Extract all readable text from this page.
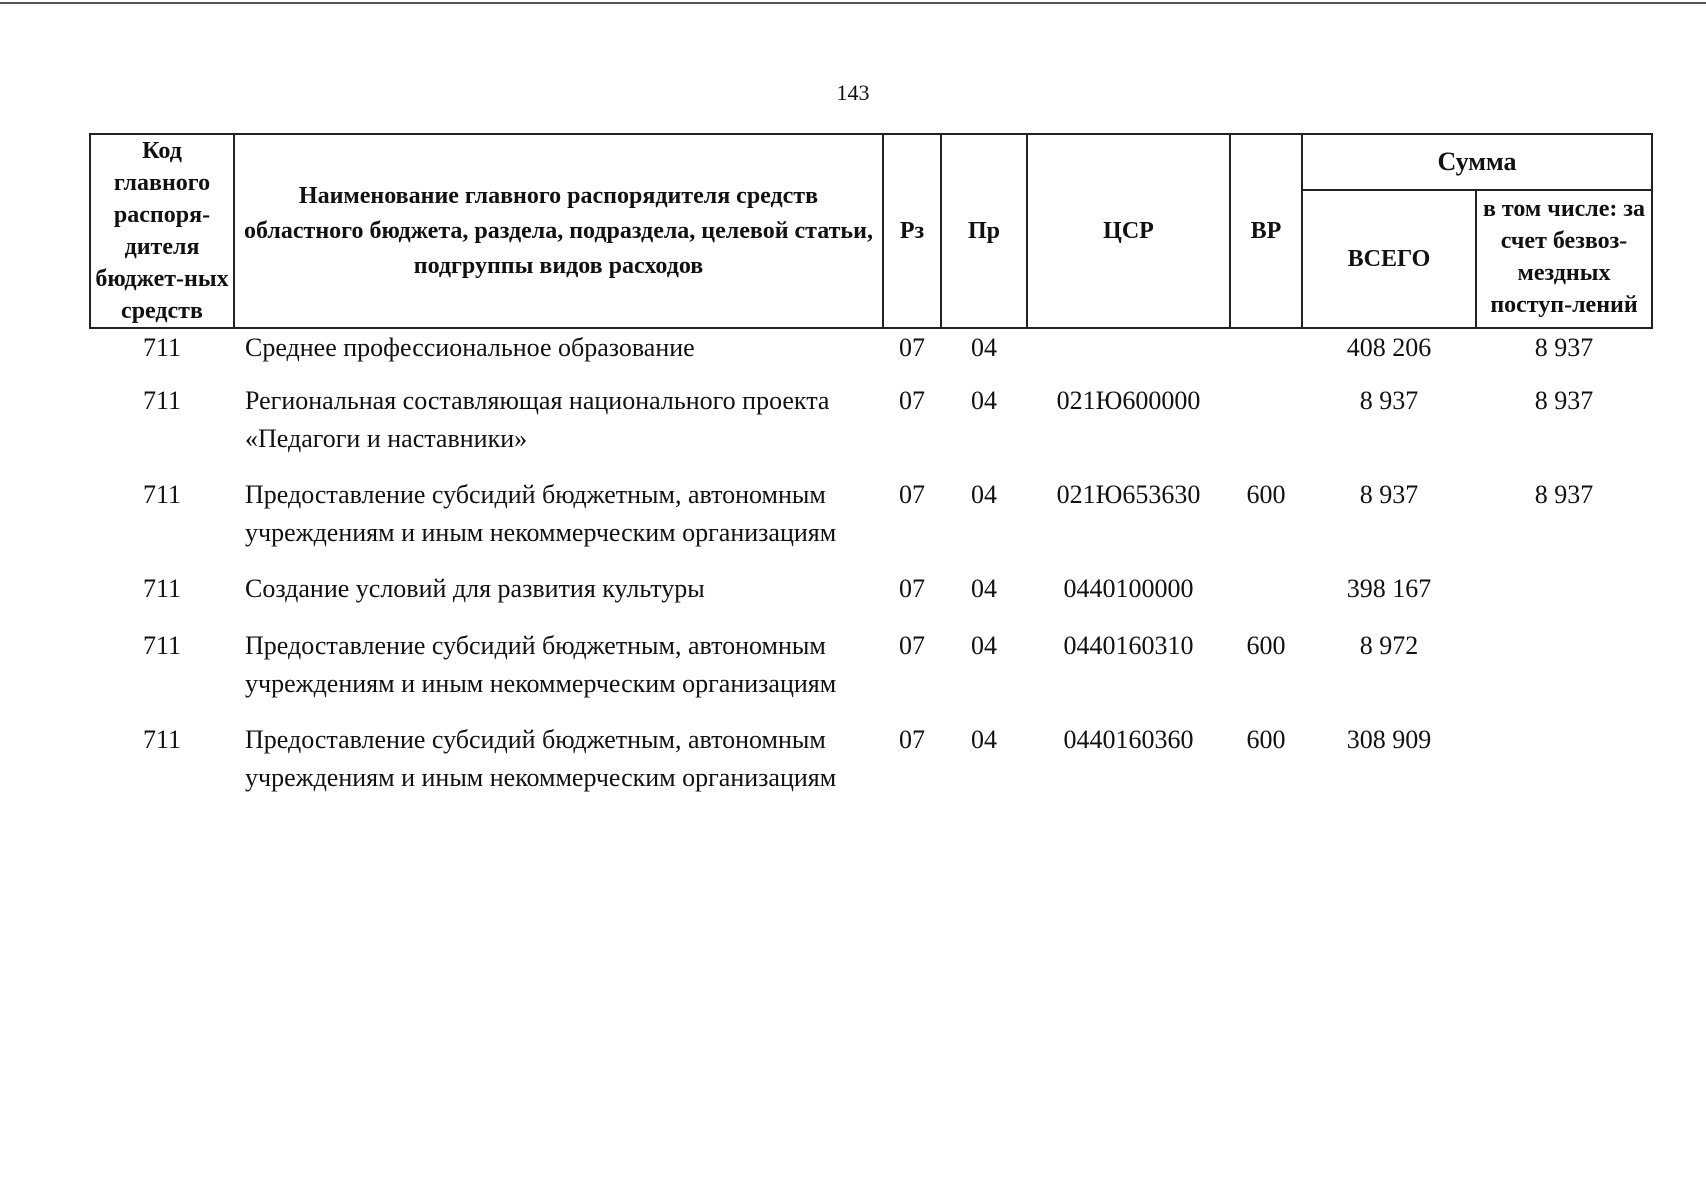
143
Код главного распоря-дителя бюджет-ных средств	Наименование главного распорядителя средств областного бюджета, раздела, подраздела, целевой статьи, подгруппы видов расходов	Рз	Пр	ЦСР	ВР	Сумма	
						ВСЕГО	в том числе: за счет безвоз-мездных поступ-лений
711	Среднее профессиональное образование	07	04			408 206	8 937
711	Региональная составляющая национального проекта «Педагоги и наставники»	07	04	021Ю600000		8 937	8 937
711	Предоставление субсидий бюджетным, автономным учреждениям и иным некоммерческим организациям	07	04	021Ю653630	600	8 937	8 937
711	Создание условий для развития культуры	07	04	0440100000		398 167	
711	Предоставление субсидий бюджетным, автономным учреждениям и иным некоммерческим организациям	07	04	0440160310	600	8 972	
711	Предоставление субсидий бюджетным, автономным учреждениям и иным некоммерческим организациям	07	04	0440160360	600	308 909	
